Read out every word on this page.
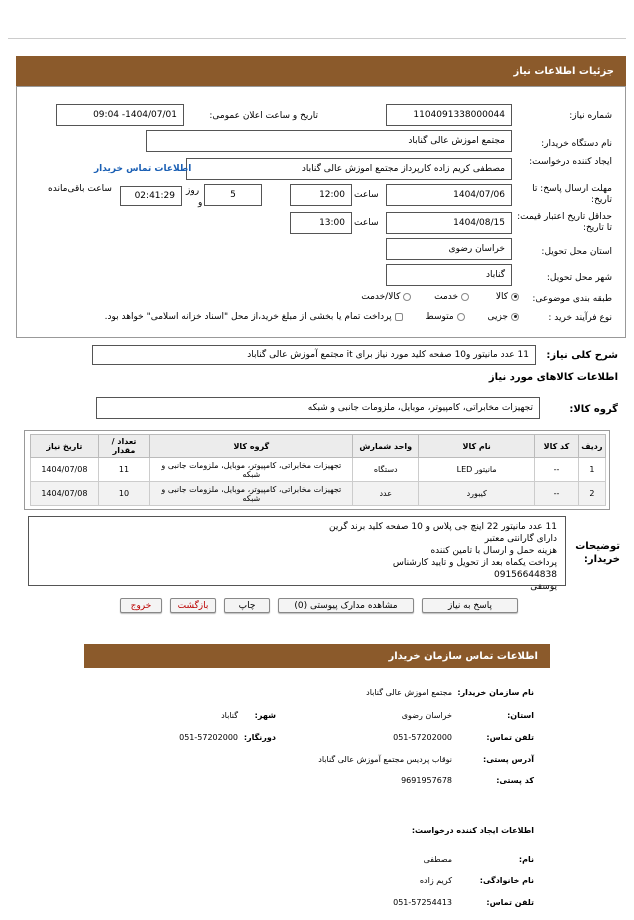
جزئیات اطلاعات نیاز
شماره نیاز:
1104091338000044
تاریخ و ساعت اعلان عمومی:
1404/07/01- 09:04
نام دستگاه خریدار:
مجتمع اموزش عالی گناباد
ایجاد کننده درخواست:
مصطفی کریم زاده کارپرداز مجتمع اموزش عالی گناباد
اطلاعات تماس خریدار
مهلت ارسال پاسخ: تا تاریخ:
1404/07/06
ساعت
12:00
5
روز
و
02:41:29
ساعت باقی‌مانده
حداقل تاریخ اعتبار قیمت: تا تاریخ:
1404/08/15
ساعت
13:00
استان محل تحویل:
خراسان رضوی
شهر محل تحویل:
گناباد
طبقه بندی موضوعی:
کالا  خدمت  کالا/خدمت
نوع فرآیند خرید :
جزیی  متوسط  پرداخت تمام یا بخشی از مبلغ خرید،از محل "اسناد خزانه اسلامی" خواهد بود.
شرح کلی نیاز:
11 عدد مانیتور و10 صفحه کلید مورد نیاز برای it مجتمع آموزش عالی گناباد
اطلاعات کالاهای مورد نیاز
گروه کالا:
تجهیزات مخابراتی، کامپیوتر، موبایل، ملزومات جانبی و شبکه
ردیف	کد کالا	نام کالا	واحد شمارش	گروه کالا	تعداد / مقدار	تاریخ نیاز
1	--	مانیتور LED	دستگاه	تجهیزات مخابراتی، کامپیوتر، موبایل، ملزومات جانبی و شبکه	11	1404/07/08
2	--	کیبورد	عدد	تجهیزات مخابراتی، کامپیوتر، موبایل، ملزومات جانبی و شبکه	10	1404/07/08
توضیحات خریدار:
11 عدد مانیتور 22 اینچ جی پلاس و 10 صفحه کلید برند گرین
دارای گارانتی معتبر
هزینه حمل و ارسال با تامین کننده
پرداخت یکماه بعد از تحویل و تایید کارشناس
09156644838
یوسفی
پاسخ به نیاز
مشاهده مدارک پیوستی (0)
چاپ
بازگشت
خروج
اطلاعات تماس سازمان خریدار
نام سازمان خریدار:
مجتمع اموزش عالی گناباد
استان:
خراسان رضوی
شهر:
گناباد
تلفن تماس:
051-57202000
دورنگار:
051-57202000
آدرس پستی:
نوقاب پردیس مجتمع آموزش عالی گناباد
کد پستی:
9691957678
اطلاعات ایجاد کننده درخواست:
نام:
مصطفی
نام خانوادگی:
کریم زاده
تلفن تماس:
051-57254413
